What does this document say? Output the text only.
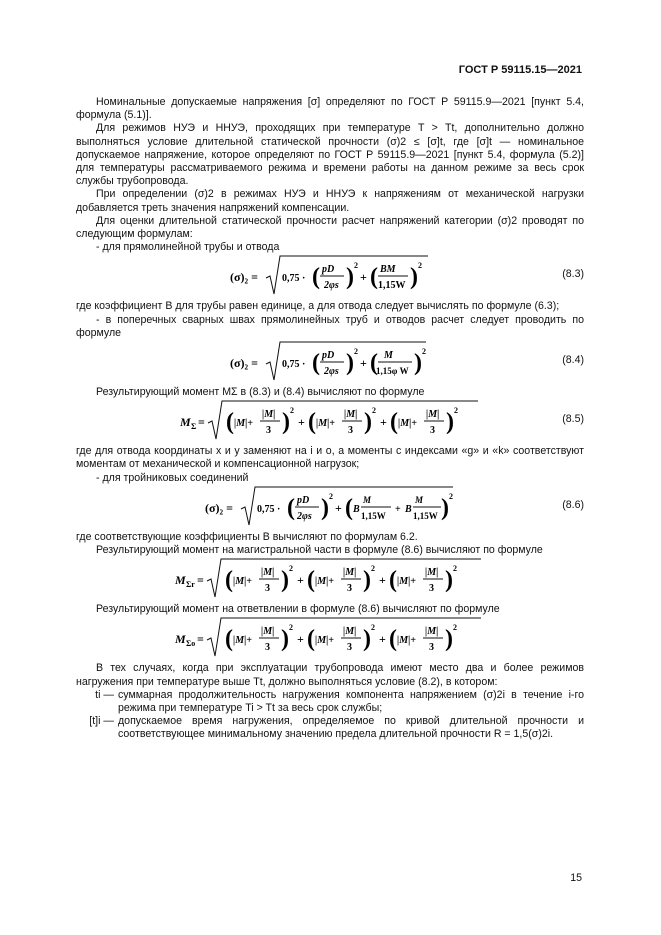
ГОСТ Р 59115.15—2021

Номинальные допускаемые напряжения [σ] определяют по ГОСТ Р 59115.9—2021 [пункт 5.4, формула (5.1)].

Для режимов НУЭ и ННУЭ, проходящих при температуре T > Tt, дополнительно должно выполняться условие длительной статической прочности (σ)2 ≤ [σ]t, где [σ]t — номинальное допускаемое напряжение, которое определяют по ГОСТ Р 59115.9—2021 [пункт 5.4, формула (5.2)] для температуры рассматриваемого режима и времени работы на данном режиме за весь срок службы трубопровода.

При определении (σ)2 в режимах НУЭ и ННУЭ к напряжениям от механической нагрузки добавляется треть значения напряжений компенсации.

Для оценки длительной статической прочности расчет напряжений категории (σ)2 проводят по следующим формулам:

- для прямолинейной трубы и отвода

(σ)₂ = 0,75 · ( pD
2φs ) 2
+ ( BM
1,15W ) 2
(8.3)

где коэффициент B для трубы равен единице, а для отвода следует вычислять по формуле (6.3);

- в поперечных сварных швах прямолинейных труб и отводов расчет следует проводить по формуле

(σ)₂ = 0,75 · ( pD
2φs ) 2
+ ( M
1,15φ W ) 2
(8.4)

Результирующий момент MΣ в (8.3) и (8.4) вычисляют по формуле

M Σ = ( |M|+
|M|
3 ) 2
+ ( |M|+
|M|
3 ) 2
+ ( |M|+
|M|
3 ) 2
(8.5)

где для отвода координаты x и y заменяют на i и o, а моменты с индексами «g» и «k» соответствуют моментам от механической и компенсационной нагрузок;

- для тройниковых соединений

(σ)₂ = 0,75 · ( pD
2φs ) 2
+ ( B
M
1,15W
+ B
M
1,15W ) 2
(8.6)

где соответствующие коэффициенты B вычисляют по формулам 6.2.

Результирующий момент на магистральной части в формуле (8.6) вычисляют по формуле

M Σr = ( |M|+
|M|
3 ) 2
+ ( |M|+
|M|
3 ) 2
+ ( |M|+
|M|
3 ) 2

Результирующий момент на ответвлении в формуле (8.6) вычисляют по формуле

M Σo = ( |M|+
|M|
3 ) 2
+ ( |M|+
|M|
3 ) 2
+ ( |M|+
|M|
3 ) 2

В тех случаях, когда при эксплуатации трубопровода имеют место два и более режимов нагружения при температуре выше Tt, должно выполняться условие (8.2), в котором:

ti — суммарная продолжительность нагружения компонента напряжением (σ)2i в течение i-го режима при температуре Ti > Tt за весь срок службы;
[t]i — допускаемое время нагружения, определяемое по кривой длительной прочности и соответствующее минимальному значению предела длительной прочности R = 1,5(σ)2i.
15
